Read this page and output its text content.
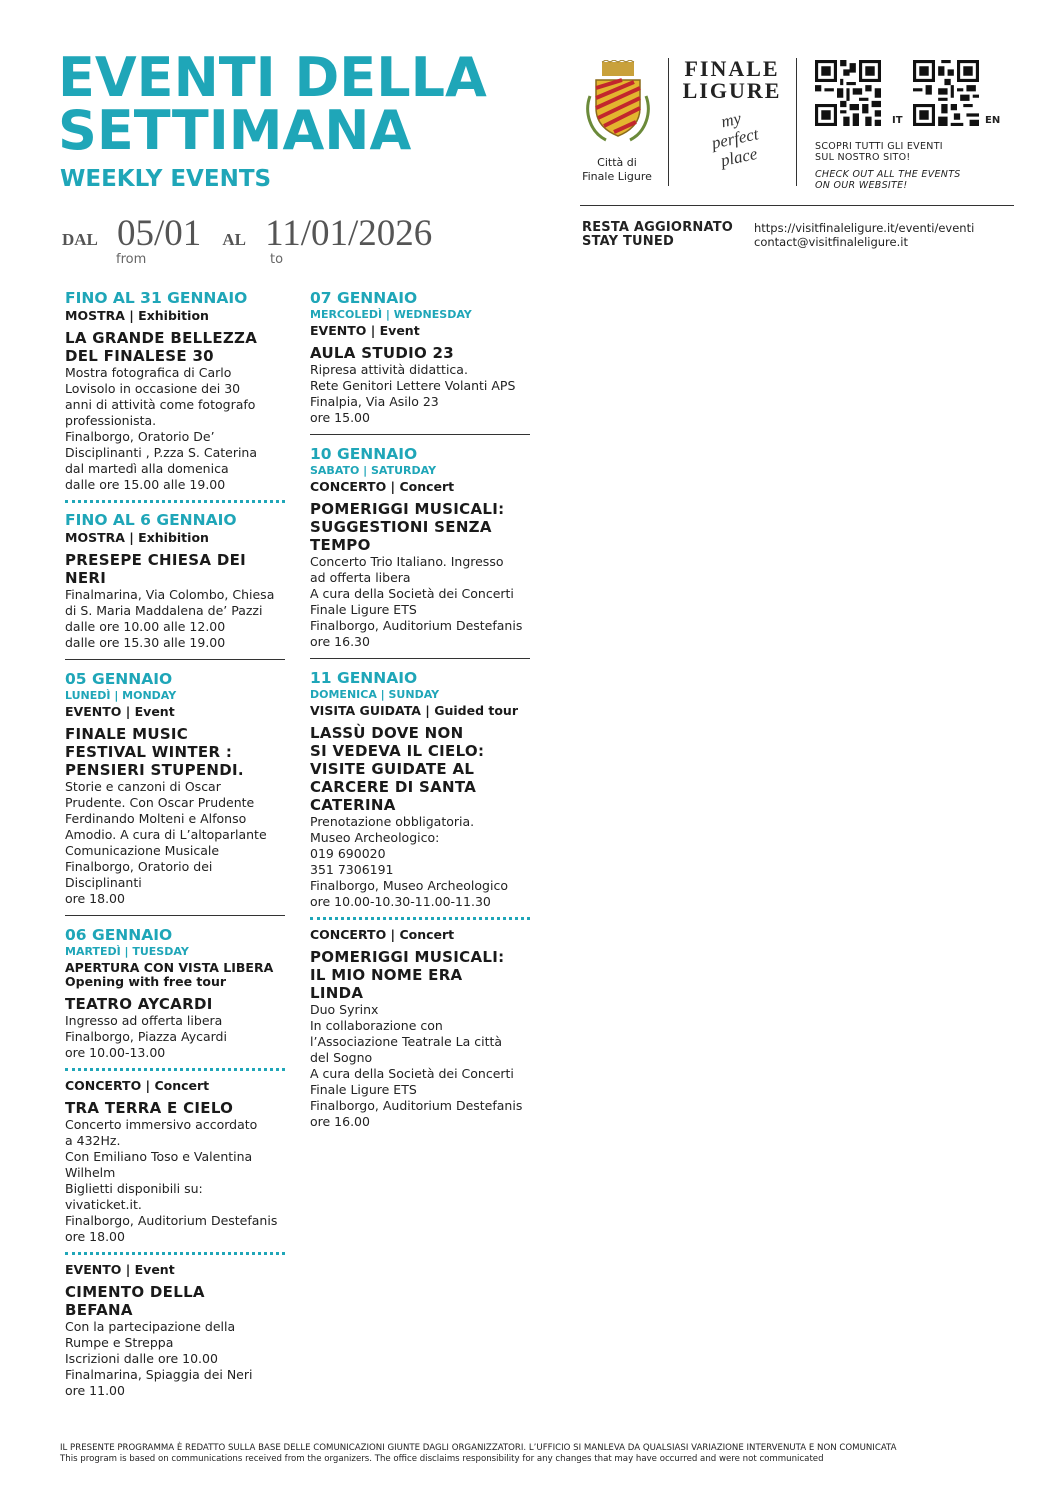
EVENTI DELLA
SETTIMANA
WEEKLY EVENTS
DAL 05/01 AL 11/01/2026
from	to
Città di
Finale Ligure
FINALE
LIGURE
my
perfect
place
IT	EN
SCOPRI TUTTI GLI EVENTI
SUL NOSTRO SITO!
CHECK OUT ALL THE EVENTS
ON OUR WEBSITE!
RESTA AGGIORNATO
STAY TUNED
https://visitfinaleligure.it/eventi/eventi
contact@visitfinaleligure.it
FINO AL 31 GENNAIO
MOSTRA | Exhibition
LA GRANDE BELLEZZA
DEL FINALESE 30
Mostra fotografica di Carlo
Lovisolo in occasione dei 30
anni di attività come fotografo
professionista.
Finalborgo, Oratorio De’
Disciplinanti , P.zza S. Caterina
dal martedì alla domenica
dalle ore 15.00 alle 19.00
FINO AL 6 GENNAIO
MOSTRA | Exhibition
PRESEPE CHIESA DEI
NERI
Finalmarina, Via Colombo, Chiesa
di S. Maria Maddalena de’ Pazzi
dalle ore 10.00 alle 12.00
dalle ore 15.30 alle 19.00
05 GENNAIO
LUNEDÌ | MONDAY
EVENTO | Event
FINALE MUSIC
FESTIVAL WINTER :
PENSIERI STUPENDI.
Storie e canzoni di Oscar
Prudente. Con Oscar Prudente
Ferdinando Molteni e Alfonso
Amodio. A cura di L’altoparlante
Comunicazione Musicale
Finalborgo, Oratorio dei
Disciplinanti
ore 18.00
06 GENNAIO
MARTEDÌ | TUESDAY
APERTURA CON VISTA LIBERA
Opening with free tour
TEATRO AYCARDI
Ingresso ad offerta libera
Finalborgo, Piazza Aycardi
ore 10.00-13.00
CONCERTO | Concert
TRA TERRA E CIELO
Concerto immersivo accordato
a 432Hz.
Con Emiliano Toso e Valentina
Wilhelm
Biglietti disponibili su:
vivaticket.it.
Finalborgo, Auditorium Destefanis
ore 18.00
EVENTO | Event
CIMENTO DELLA
BEFANA
Con la partecipazione della
Rumpe e Streppa
Iscrizioni dalle ore 10.00
Finalmarina, Spiaggia dei Neri
ore 11.00
07 GENNAIO
MERCOLEDÌ | WEDNESDAY
EVENTO | Event
AULA STUDIO 23
Ripresa attività didattica.
Rete Genitori Lettere Volanti APS
Finalpia, Via Asilo 23
ore 15.00
10 GENNAIO
SABATO | SATURDAY
CONCERTO | Concert
POMERIGGI MUSICALI:
SUGGESTIONI SENZA
TEMPO
Concerto Trio Italiano. Ingresso
ad offerta libera
A cura della Società dei Concerti
Finale Ligure ETS
Finalborgo, Auditorium Destefanis
ore 16.30
11 GENNAIO
DOMENICA | SUNDAY
VISITA GUIDATA | Guided tour
LASSÙ DOVE NON
SI VEDEVA IL CIELO:
VISITE GUIDATE AL
CARCERE DI SANTA
CATERINA
Prenotazione obbligatoria.
Museo Archeologico:
019 690020
351 7306191
Finalborgo, Museo Archeologico
ore 10.00-10.30-11.00-11.30
CONCERTO | Concert
POMERIGGI MUSICALI:
IL MIO NOME ERA
LINDA
Duo Syrinx
In collaborazione con
l’Associazione Teatrale La città
del Sogno
A cura della Società dei Concerti
Finale Ligure ETS
Finalborgo, Auditorium Destefanis
ore 16.00
IL PRESENTE PROGRAMMA È REDATTO SULLA BASE DELLE COMUNICAZIONI GIUNTE DAGLI ORGANIZZATORI. L’UFFICIO SI MANLEVA DA QUALSIASI VARIAZIONE INTERVENUTA E NON COMUNICATA
This program is based on communications received from the organizers. The office disclaims responsibility for any changes that may have occurred and were not communicated
